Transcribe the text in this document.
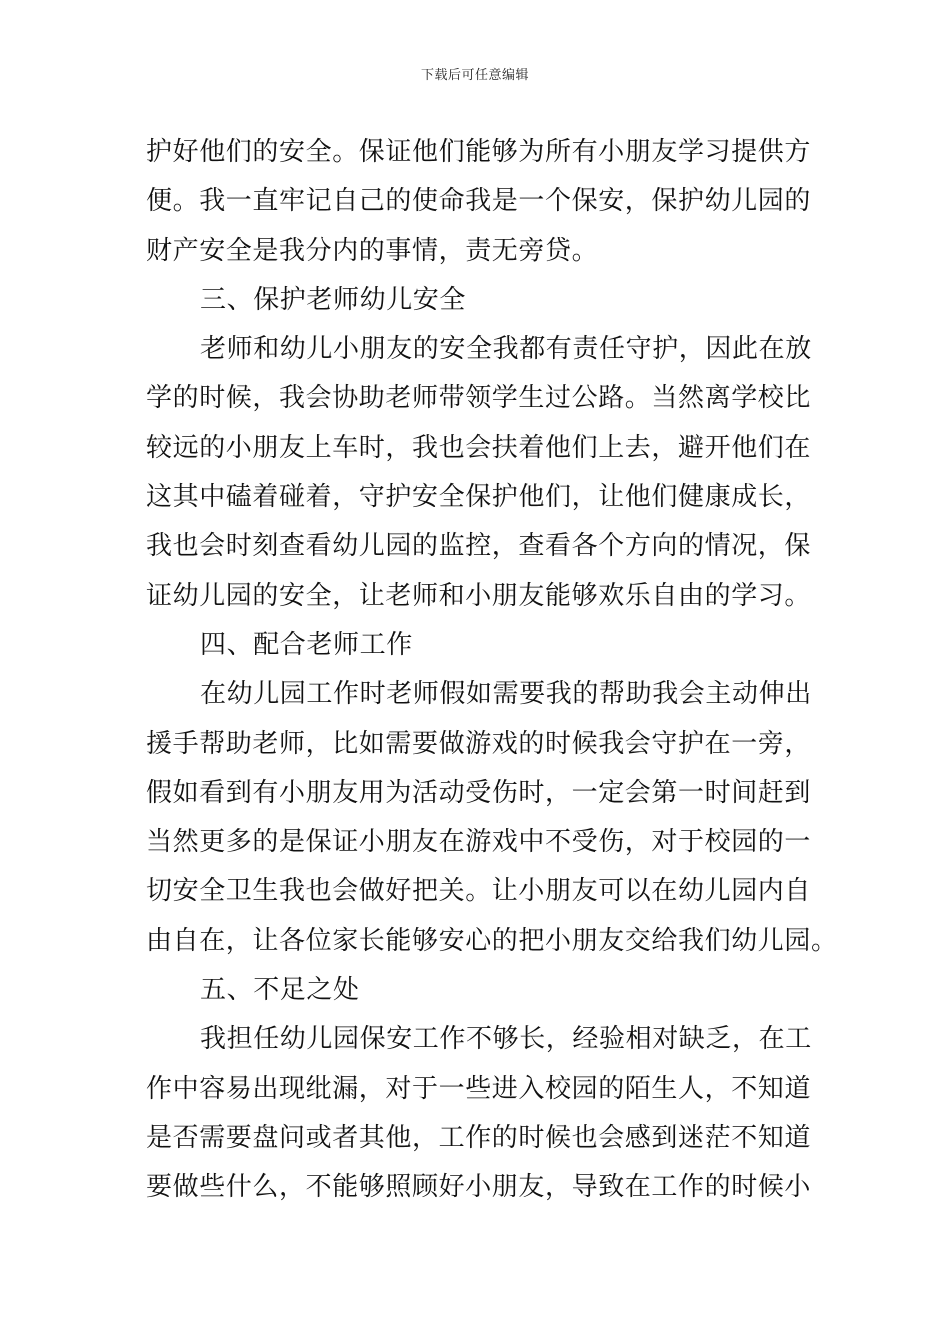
下载后可任意编辑
护好他们的安全。保证他们能够为所有小朋友学习提供方
便。我一直牢记自己的使命我是一个保安，保护幼儿园的
财产安全是我分内的事情，责无旁贷。
三、保护老师幼儿安全
老师和幼儿小朋友的安全我都有责任守护，因此在放
学的时候，我会协助老师带领学生过公路。当然离学校比
较远的小朋友上车时，我也会扶着他们上去，避开他们在
这其中磕着碰着，守护安全保护他们，让他们健康成长，
我也会时刻查看幼儿园的监控，查看各个方向的情况，保
证幼儿园的安全，让老师和小朋友能够欢乐自由的学习。
四、配合老师工作
在幼儿园工作时老师假如需要我的帮助我会主动伸出
援手帮助老师，比如需要做游戏的时候我会守护在一旁，
假如看到有小朋友用为活动受伤时，一定会第一时间赶到
当然更多的是保证小朋友在游戏中不受伤，对于校园的一
切安全卫生我也会做好把关。让小朋友可以在幼儿园内自
由自在，让各位家长能够安心的把小朋友交给我们幼儿园。
五、不足之处
我担任幼儿园保安工作不够长，经验相对缺乏，在工
作中容易出现纰漏，对于一些进入校园的陌生人，不知道
是否需要盘问或者其他，工作的时候也会感到迷茫不知道
要做些什么，不能够照顾好小朋友，导致在工作的时候小
